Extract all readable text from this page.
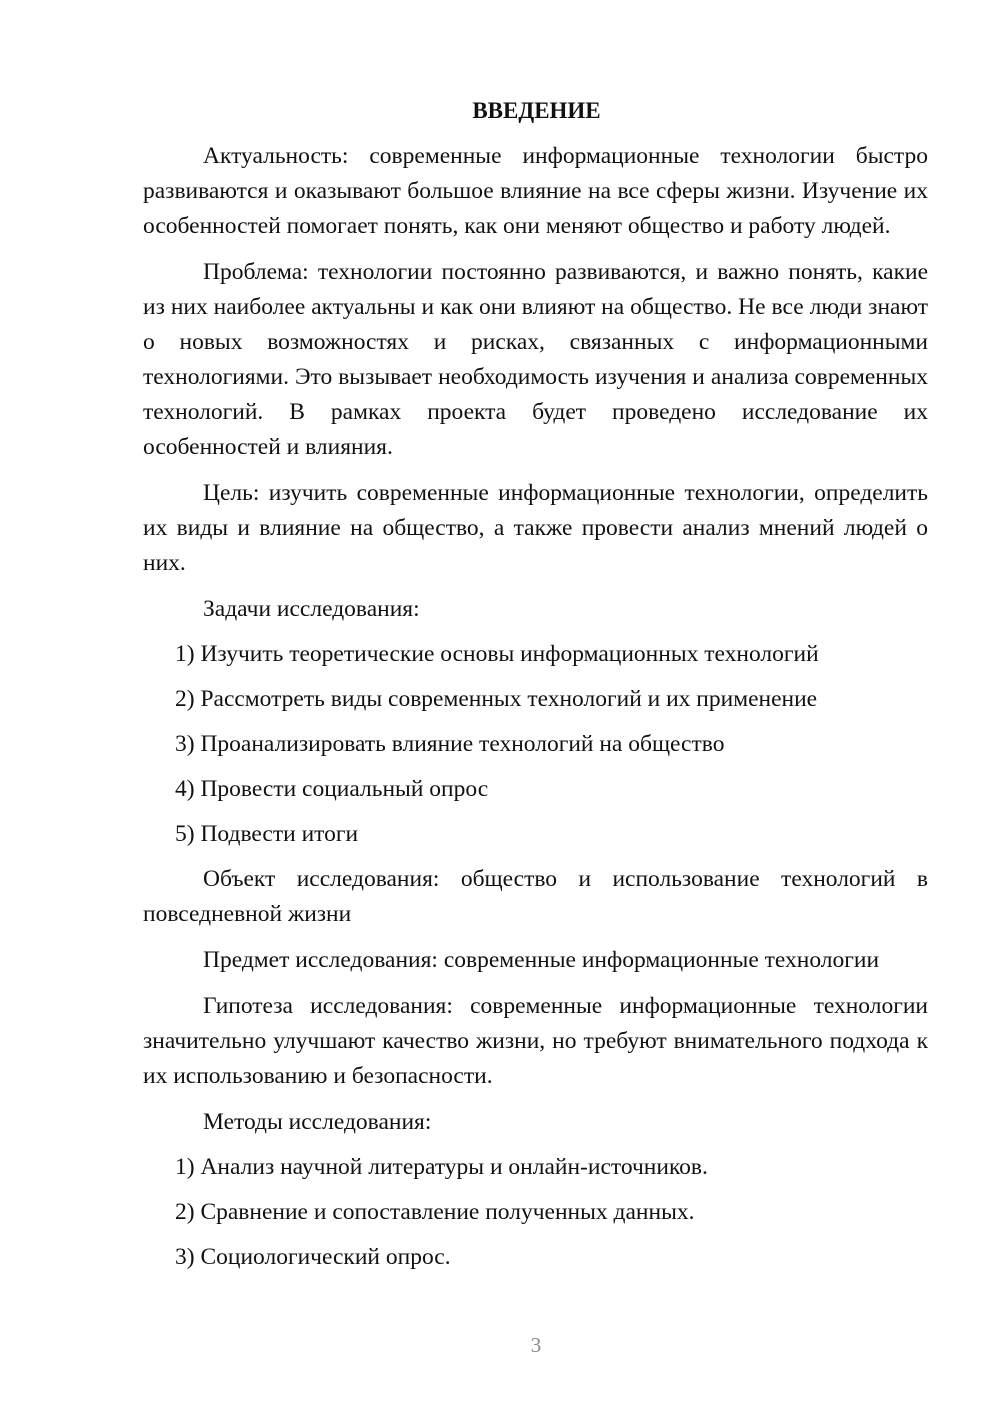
ВВЕДЕНИЕ

Актуальность: современные информационные технологии быстро развиваются и оказывают большое влияние на все сферы жизни. Изучение их особенностей помогает понять, как они меняют общество и работу людей.

Проблема: технологии постоянно развиваются, и важно понять, какие из них наиболее актуальны и как они влияют на общество. Не все люди знают о новых возможностях и рисках, связанных с информационными технологиями. Это вызывает необходимость изучения и анализа современных технологий. В рамках проекта будет проведено исследование их особенностей и влияния.

Цель: изучить современные информационные технологии, определить их виды и влияние на общество, а также провести анализ мнений людей о них.

Задачи исследования:

1) Изучить теоретические основы информационных технологий
2) Рассмотреть виды современных технологий и их применение
3) Проанализировать влияние технологий на общество
4) Провести социальный опрос
5) Подвести итоги

Объект исследования: общество и использование технологий в повседневной жизни

Предмет исследования: современные информационные технологии

Гипотеза исследования: современные информационные технологии значительно улучшают качество жизни, но требуют внимательного подхода к их использованию и безопасности.

Методы исследования:

1) Анализ научной литературы и онлайн-источников.
2) Сравнение и сопоставление полученных данных.
3) Социологический опрос.
3
